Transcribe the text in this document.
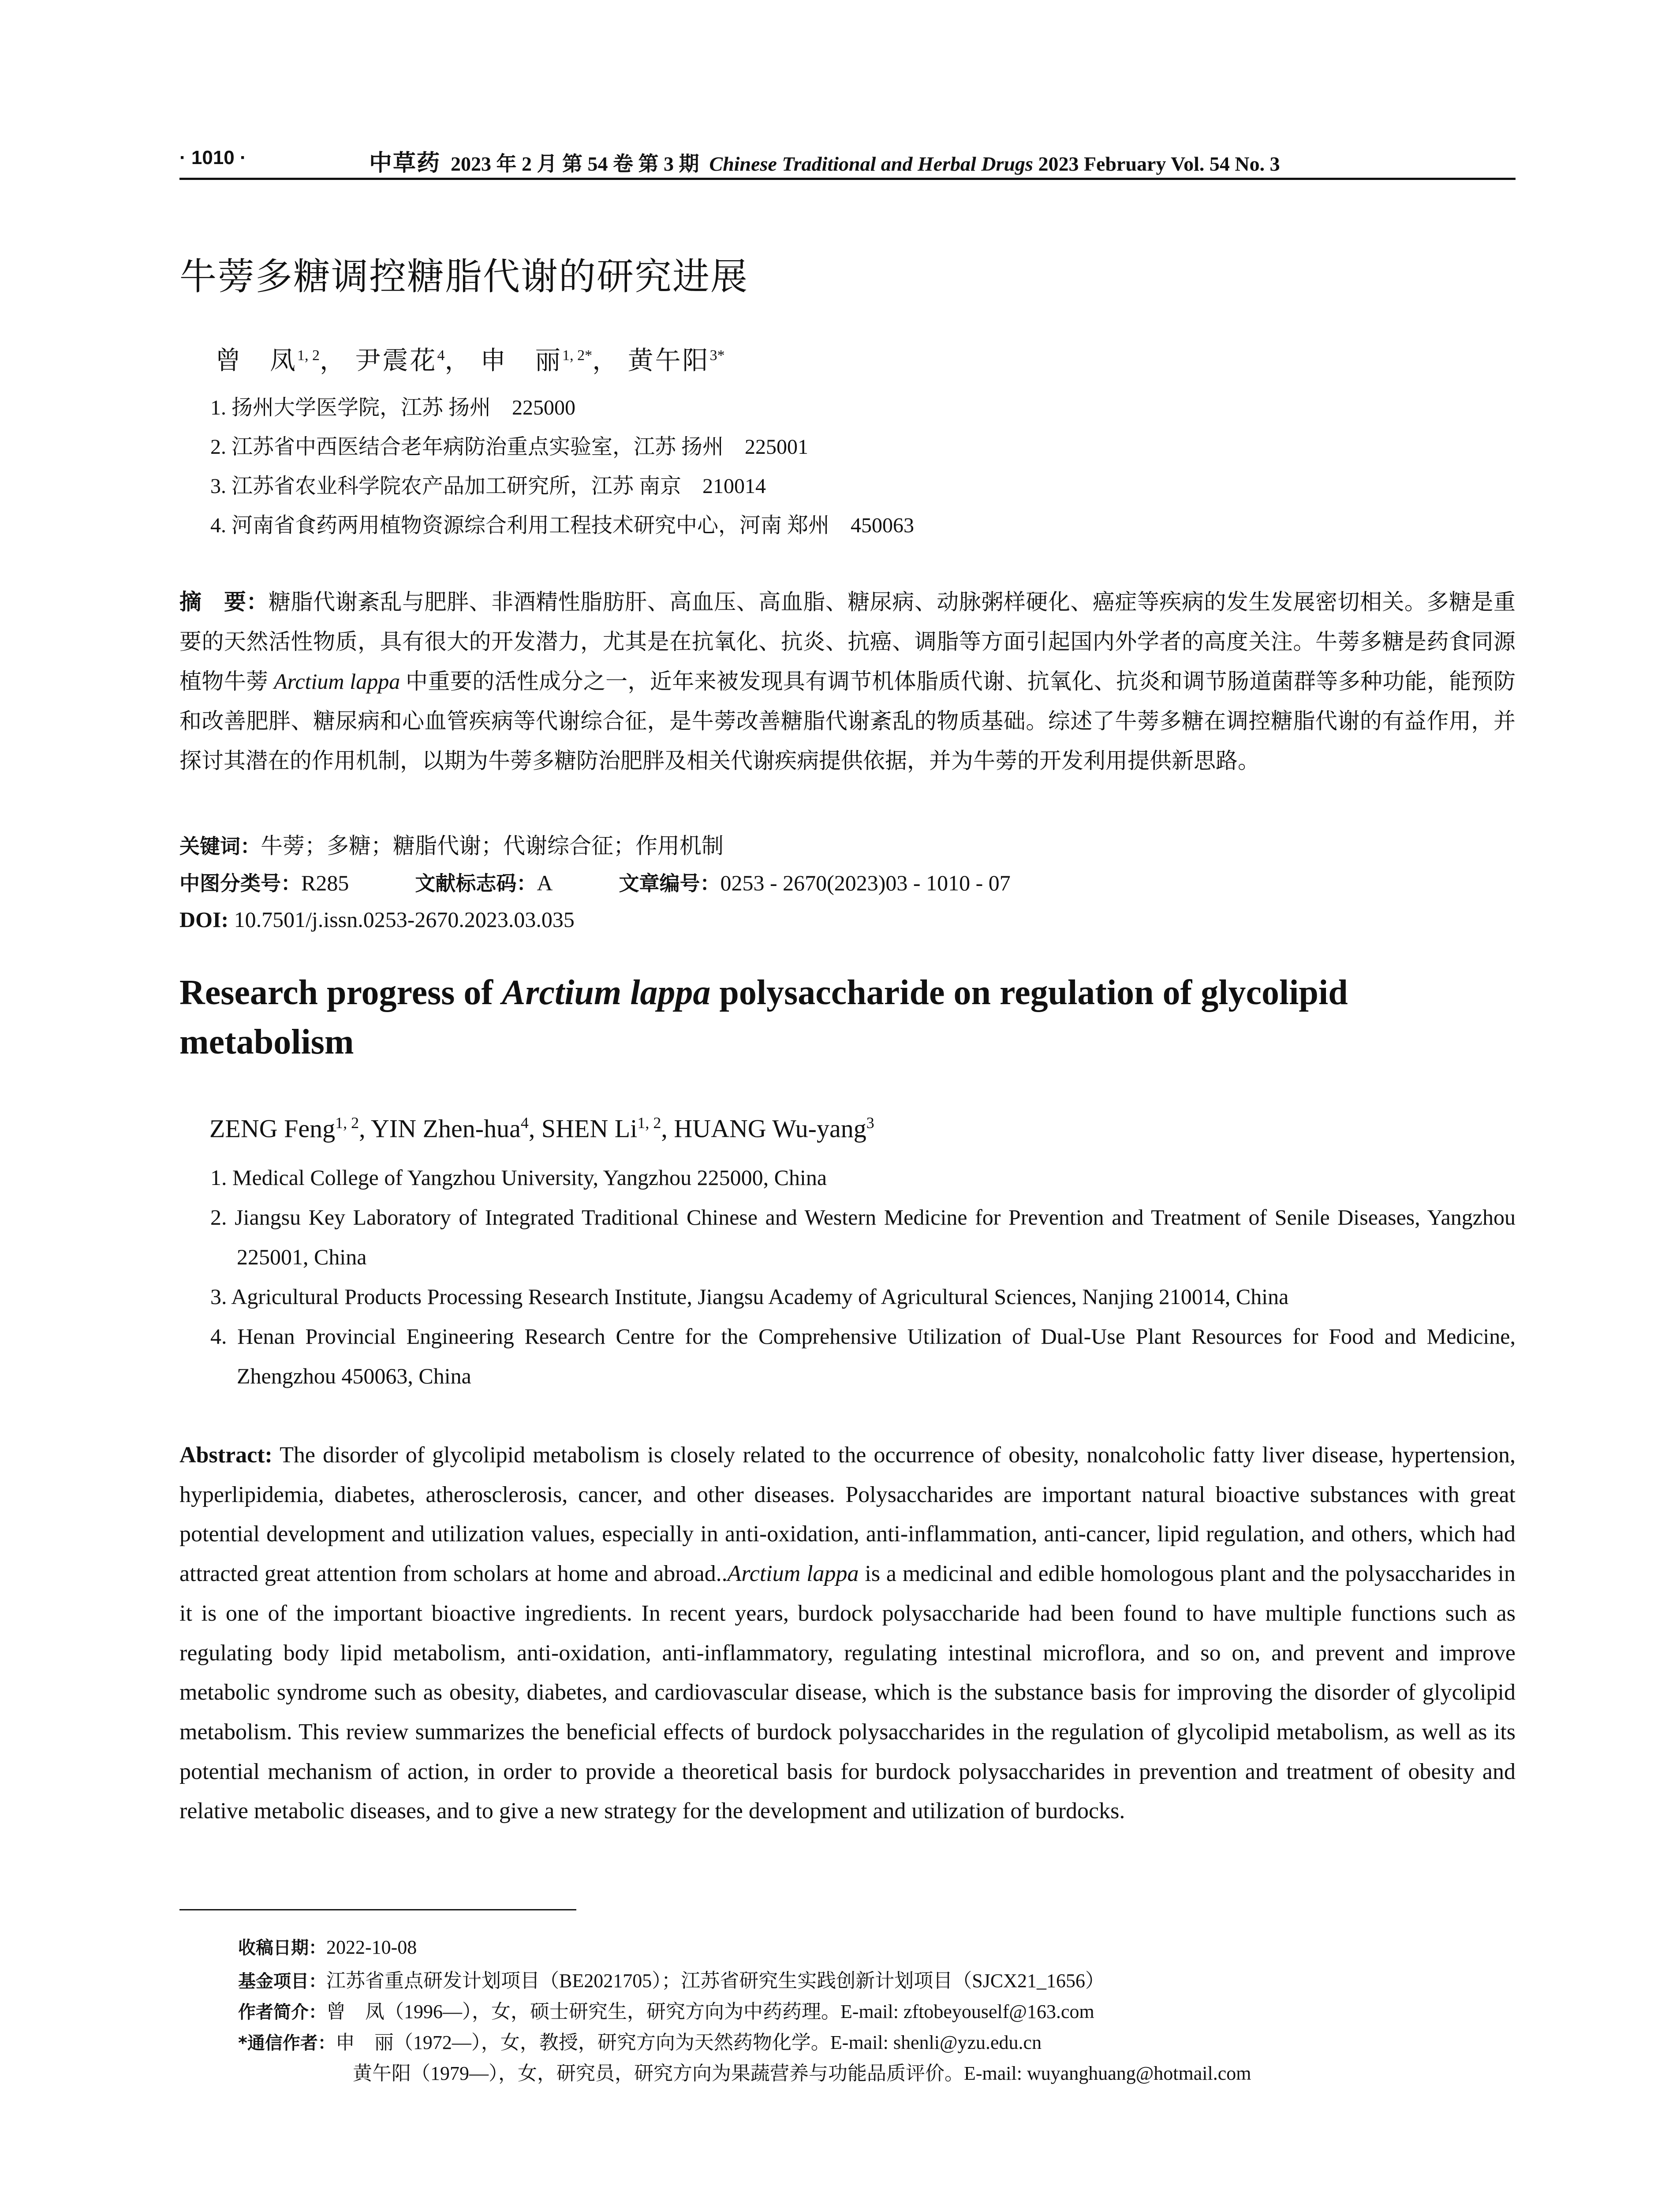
· 1010 ·	中草药 2023 年 2 月 第 54 卷 第 3 期 Chinese Traditional and Herbal Drugs 2023 February Vol. 54 No. 3
牛蒡多糖调控糖脂代谢的研究进展
曾　凤$^{1, 2}$， 尹震花$^4$， 申　丽$^{1, 2*}$， 黄午阳$^{3*}$
1. 扬州大学医学院，江苏 扬州　225000
2. 江苏省中西医结合老年病防治重点实验室，江苏 扬州　225001
3. 江苏省农业科学院农产品加工研究所，江苏 南京　210014
4. 河南省食药两用植物资源综合利用工程技术研究中心，河南 郑州　450063
摘　要：糖脂代谢紊乱与肥胖、非酒精性脂肪肝、高血压、高血脂、糖尿病、动脉粥样硬化、癌症等疾病的发生发展密切相关。多糖是重要的天然活性物质，具有很大的开发潜力，尤其是在抗氧化、抗炎、抗癌、调脂等方面引起国内外学者的高度关注。牛蒡多糖是药食同源植物牛蒡 Arctium lappa 中重要的活性成分之一，近年来被发现具有调节机体脂质代谢、抗氧化、抗炎和调节肠道菌群等多种功能，能预防和改善肥胖、糖尿病和心血管疾病等代谢综合征，是牛蒡改善糖脂代谢紊乱的物质基础。综述了牛蒡多糖在调控糖脂代谢的有益作用，并探讨其潜在的作用机制，以期为牛蒡多糖防治肥胖及相关代谢疾病提供依据，并为牛蒡的开发利用提供新思路。
关键词：牛蒡；多糖；糖脂代谢；代谢综合征；作用机制
中图分类号：R285	文献标志码：A	文章编号：0253 - 2670(2023)03 - 1010 - 07
DOI: 10.7501/j.issn.0253-2670.2023.03.035
Research progress of Arctium lappa polysaccharide on regulation of glycolipid metabolism
ZENG Feng$^{1, 2}$, YIN Zhen-hua$^4$, SHEN Li$^{1, 2}$, HUANG Wu-yang$^3$
1. Medical College of Yangzhou University, Yangzhou 225000, China
2. Jiangsu Key Laboratory of Integrated Traditional Chinese and Western Medicine for Prevention and Treatment of Senile Diseases, Yangzhou 225001, China
3. Agricultural Products Processing Research Institute, Jiangsu Academy of Agricultural Sciences, Nanjing 210014, China
4. Henan Provincial Engineering Research Centre for the Comprehensive Utilization of Dual-Use Plant Resources for Food and Medicine, Zhengzhou 450063, China
Abstract: The disorder of glycolipid metabolism is closely related to the occurrence of obesity, nonalcoholic fatty liver disease, hypertension, hyperlipidemia, diabetes, atherosclerosis, cancer, and other diseases. Polysaccharides are important natural bioactive substances with great potential development and utilization values, especially in anti-oxidation, anti-inflammation, anti-cancer, lipid regulation, and others, which had attracted great attention from scholars at home and abroad..Arctium lappa is a medicinal and edible homologous plant and the polysaccharides in it is one of the important bioactive ingredients. In recent years, burdock polysaccharide had been found to have multiple functions such as regulating body lipid metabolism, anti-oxidation, anti-inflammatory, regulating intestinal microflora, and so on, and prevent and improve metabolic syndrome such as obesity, diabetes, and cardiovascular disease, which is the substance basis for improving the disorder of glycolipid metabolism. This review summarizes the beneficial effects of burdock polysaccharides in the regulation of glycolipid metabolism, as well as its potential mechanism of action, in order to provide a theoretical basis for burdock polysaccharides in prevention and treatment of obesity and relative metabolic diseases, and to give a new strategy for the development and utilization of burdocks.
收稿日期：2022-10-08
基金项目：江苏省重点研发计划项目（BE2021705）；江苏省研究生实践创新计划项目（SJCX21_1656）
作者简介：曾　凤（1996—），女，硕士研究生，研究方向为中药药理。E-mail: zftobeyouself@163.com
*通信作者：申　丽（1972—），女，教授，研究方向为天然药物化学。E-mail: shenli@yzu.edu.cn
黄午阳（1979—），女，研究员，研究方向为果蔬营养与功能品质评价。E-mail: wuyanghuang@hotmail.com
